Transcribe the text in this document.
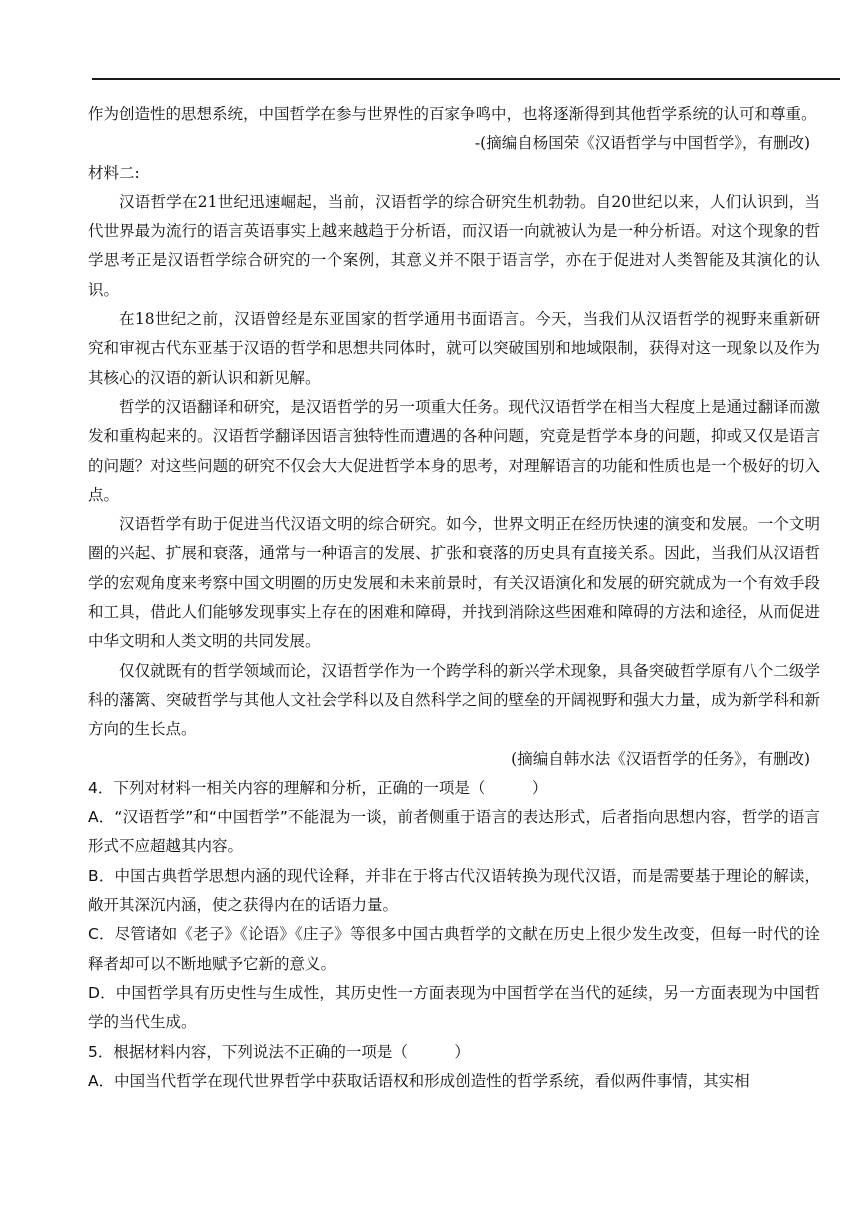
作为创造性的思想系统，中国哲学在参与世界性的百家争鸣中，也将逐渐得到其他哲学系统的认可和尊重。

-(摘编自杨国荣《汉语哲学与中国哲学》，有删改)

材料二:

汉语哲学在21世纪迅速崛起，当前，汉语哲学的综合研究生机勃勃。自20世纪以来，人们认识到，当代世界最为流行的语言英语事实上越来越趋于分析语，而汉语一向就被认为是一种分析语。对这个现象的哲学思考正是汉语哲学综合研究的一个案例，其意义并不限于语言学，亦在于促进对人类智能及其演化的认识。

在18世纪之前，汉语曾经是东亚国家的哲学通用书面语言。今天，当我们从汉语哲学的视野来重新研究和审视古代东亚基于汉语的哲学和思想共同体时，就可以突破国别和地域限制，获得对这一现象以及作为其核心的汉语的新认识和新见解。

哲学的汉语翻译和研究，是汉语哲学的另一项重大任务。现代汉语哲学在相当大程度上是通过翻译而激发和重构起来的。汉语哲学翻译因语言独特性而遭遇的各种问题，究竟是哲学本身的问题，抑或又仅是语言的问题？对这些问题的研究不仅会大大促进哲学本身的思考，对理解语言的功能和性质也是一个极好的切入点。

汉语哲学有助于促进当代汉语文明的综合研究。如今，世界文明正在经历快速的演变和发展。一个文明圈的兴起、扩展和衰落，通常与一种语言的发展、扩张和衰落的历史具有直接关系。因此，当我们从汉语哲学的宏观角度来考察中国文明圈的历史发展和未来前景时，有关汉语演化和发展的研究就成为一个有效手段和工具，借此人们能够发现事实上存在的困难和障碍，并找到消除这些困难和障碍的方法和途径，从而促进中华文明和人类文明的共同发展。

仅仅就既有的哲学领域而论，汉语哲学作为一个跨学科的新兴学术现象，具备突破哲学原有八个二级学科的藩篱、突破哲学与其他人文社会学科以及自然科学之间的壁垒的开阔视野和强大力量，成为新学科和新方向的生长点。

(摘编自韩水法《汉语哲学的任务》，有删改)

4．下列对材料一相关内容的理解和分析，正确的一项是（　　　）

A．“汉语哲学”和“中国哲学”不能混为一谈，前者侧重于语言的表达形式，后者指向思想内容，哲学的语言形式不应超越其内容。

B．中国古典哲学思想内涵的现代诠释，并非在于将古代汉语转换为现代汉语，而是需要基于理论的解读，敞开其深沉内涵，使之获得内在的话语力量。

C．尽管诸如《老子》《论语》《庄子》等很多中国古典哲学的文献在历史上很少发生改变，但每一时代的诠释者却可以不断地赋予它新的意义。

D．中国哲学具有历史性与生成性，其历史性一方面表现为中国哲学在当代的延续，另一方面表现为中国哲学的当代生成。

5．根据材料内容，下列说法不正确的一项是（　　　）

A．中国当代哲学在现代世界哲学中获取话语权和形成创造性的哲学系统，看似两件事情，其实相
